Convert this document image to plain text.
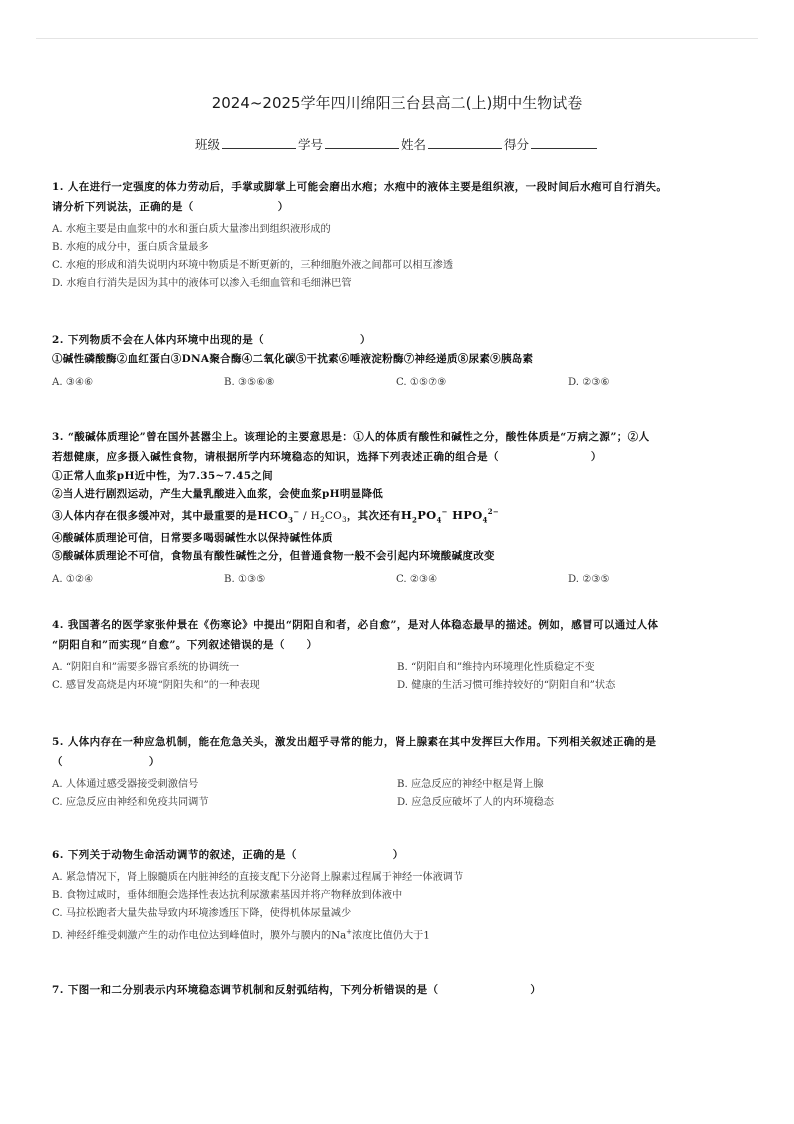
2024~2025学年四川绵阳三台县高二(上)期中生物试卷
班级	学号	姓名	得分
1. 人在进行一定强度的体力劳动后，手掌或脚掌上可能会磨出水疱；水疱中的液体主要是组织液，一段时间后水疱可自行消失。
请分析下列说法，正确的是（	）
A. 水疱主要是由血浆中的水和蛋白质大量渗出到组织液形成的
B. 水疱的成分中，蛋白质含量最多
C. 水疱的形成和消失说明内环境中物质是不断更新的，三种细胞外液之间都可以相互渗透
D. 水疱自行消失是因为其中的液体可以渗入毛细血管和毛细淋巴管
2. 下列物质不会在人体内环境中出现的是（	）
①碱性磷酸酶②血红蛋白③DNA聚合酶④二氧化碳⑤干扰素⑥唾液淀粉酶⑦神经递质⑧尿素⑨胰岛素
A. ③④⑥	B. ③⑤⑥⑧	C. ①⑤⑦⑨	D. ②③⑥
3. “酸碱体质理论”曾在国外甚嚣尘上。该理论的主要意思是：①人的体质有酸性和碱性之分，酸性体质是“万病之源”；②人
若想健康，应多摄入碱性食物，请根据所学内环境稳态的知识，选择下列表述正确的组合是（	）
①正常人血浆pH近中性，为7.35~7.45之间
②当人进行剧烈运动，产生大量乳酸进入血浆，会使血浆pH明显降低
③人体内存在很多缓冲对，其中最重要的是$HCO_3^- / H_2CO_3$，其次还有$H_2PO_4^-$ $HPO_4^{2-}$
④酸碱体质理论可信，日常要多喝弱碱性水以保持碱性体质
⑤酸碱体质理论不可信，食物虽有酸性碱性之分，但普通食物一般不会引起内环境酸碱度改变
A. ①②④	B. ①③⑤	C. ②③④	D. ②③⑤
4. 我国著名的医学家张仲景在《伤寒论》中提出“阴阳自和者，必自愈”，是对人体稳态最早的描述。例如，感冒可以通过人体
“阴阳自和”而实现“自愈”。下列叙述错误的是（　　）
A. “阴阳自和”需要多器官系统的协调统一	B. “阴阳自和”维持内环境理化性质稳定不变
C. 感冒发高烧是内环境“阴阳失和”的一种表现	D. 健康的生活习惯可维持较好的“阴阳自和”状态
5. 人体内存在一种应急机制，能在危急关头，激发出超乎寻常的能力，肾上腺素在其中发挥巨大作用。下列相关叙述正确的是
（	）
A. 人体通过感受器接受刺激信号	B. 应急反应的神经中枢是肾上腺
C. 应急反应由神经和免疫共同调节	D. 应急反应破坏了人的内环境稳态
6. 下列关于动物生命活动调节的叙述，正确的是（	）
A. 紧急情况下，肾上腺髓质在内脏神经的直接支配下分泌肾上腺素过程属于神经一体液调节
B. 食物过咸时，垂体细胞会选择性表达抗利尿激素基因并将产物释放到体液中
C. 马拉松跑者大量失盐导致内环境渗透压下降，使得机体尿量减少
D. 神经纤维受刺激产生的动作电位达到峰值时，膜外与膜内的Na+浓度比值仍大于1
7. 下图一和二分别表示内环境稳态调节机制和反射弧结构，下列分析错误的是（	）
